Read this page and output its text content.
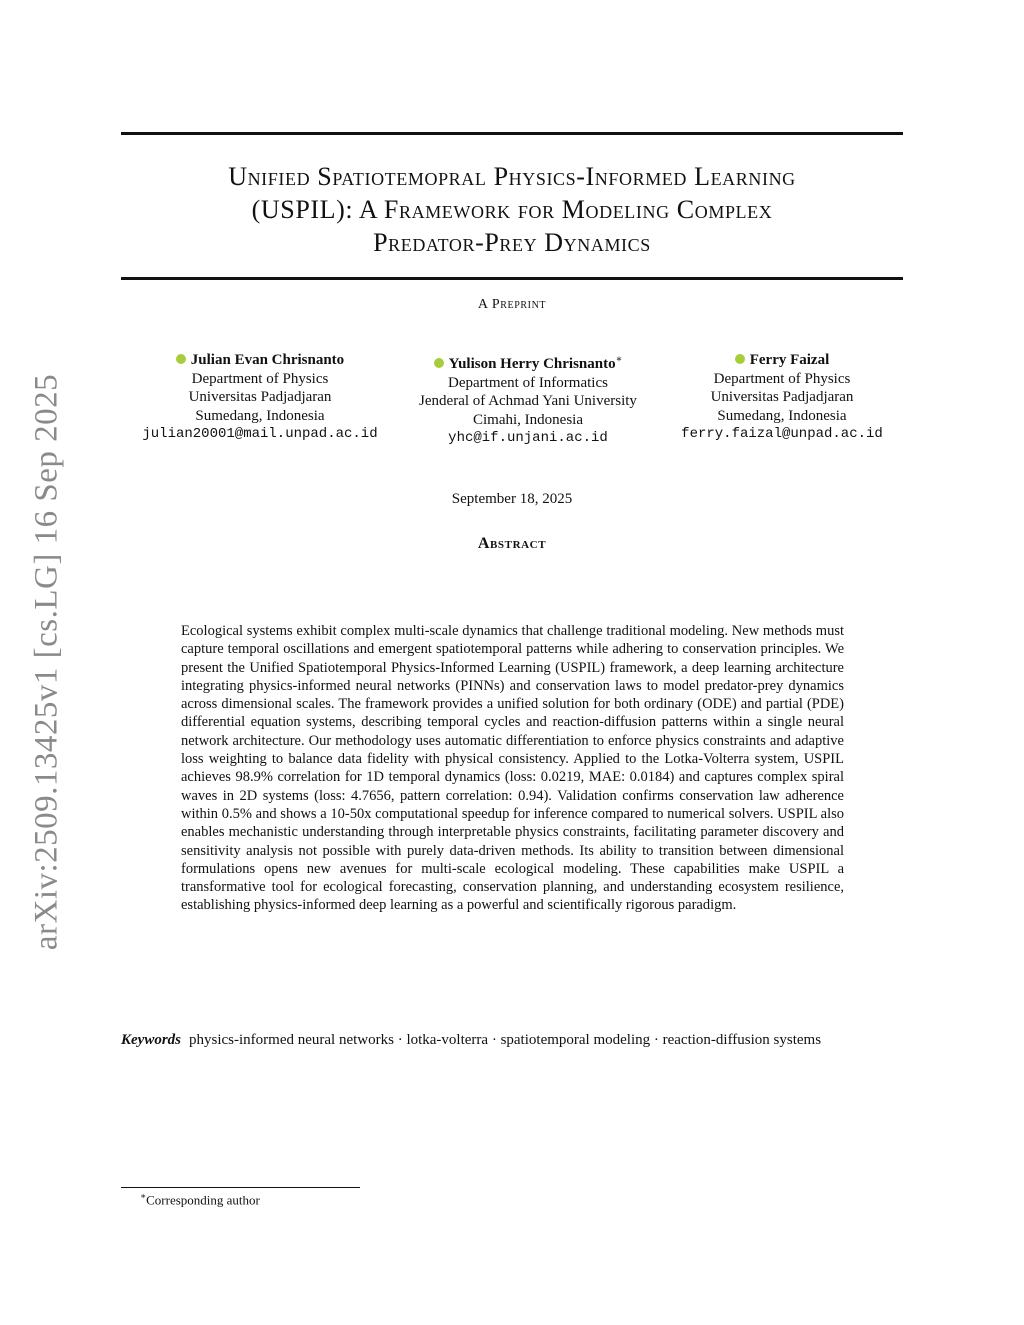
arXiv:2509.13425v1 [cs.LG] 16 Sep 2025
Unified Spatiotemopral Physics-Informed Learning
(USPIL): A Framework for Modeling Complex
Predator-Prey Dynamics
A Preprint
Julian Evan Chrisnanto
Department of Physics
Universitas Padjadjaran
Sumedang, Indonesia
julian20001@mail.unpad.ac.id
Yulison Herry Chrisnanto∗
Department of Informatics
Jenderal of Achmad Yani University
Cimahi, Indonesia
yhc@if.unjani.ac.id
Ferry Faizal
Department of Physics
Universitas Padjadjaran
Sumedang, Indonesia
ferry.faizal@unpad.ac.id
September 18, 2025
Abstract
Ecological systems exhibit complex multi-scale dynamics that challenge traditional modeling. New methods must capture temporal oscillations and emergent spatiotemporal patterns while adhering to conservation principles. We present the Unified Spatiotemporal Physics-Informed Learning (USPIL) framework, a deep learning architecture integrating physics-informed neural networks (PINNs) and conservation laws to model predator-prey dynamics across dimensional scales. The framework provides a unified solution for both ordinary (ODE) and partial (PDE) differential equation systems, describing temporal cycles and reaction-diffusion patterns within a single neural network architecture. Our methodology uses automatic differentiation to enforce physics constraints and adaptive loss weighting to balance data fidelity with physical consistency. Applied to the Lotka-Volterra system, USPIL achieves 98.9% correlation for 1D temporal dynamics (loss: 0.0219, MAE: 0.0184) and captures complex spiral waves in 2D systems (loss: 4.7656, pattern correlation: 0.94). Validation confirms conservation law adherence within 0.5% and shows a 10-50x computational speedup for inference compared to numerical solvers. USPIL also enables mechanistic understanding through interpretable physics constraints, facilitating parameter discovery and sensitivity analysis not possible with purely data-driven methods. Its ability to transition between dimensional formulations opens new avenues for multi-scale ecological modeling. These capabilities make USPIL a transformative tool for ecological forecasting, conservation planning, and understanding ecosystem resilience, establishing physics-informed deep learning as a powerful and scientifically rigorous paradigm.
Keywords physics-informed neural networks · lotka-volterra · spatiotemporal modeling · reaction-diffusion systems
∗Corresponding author
